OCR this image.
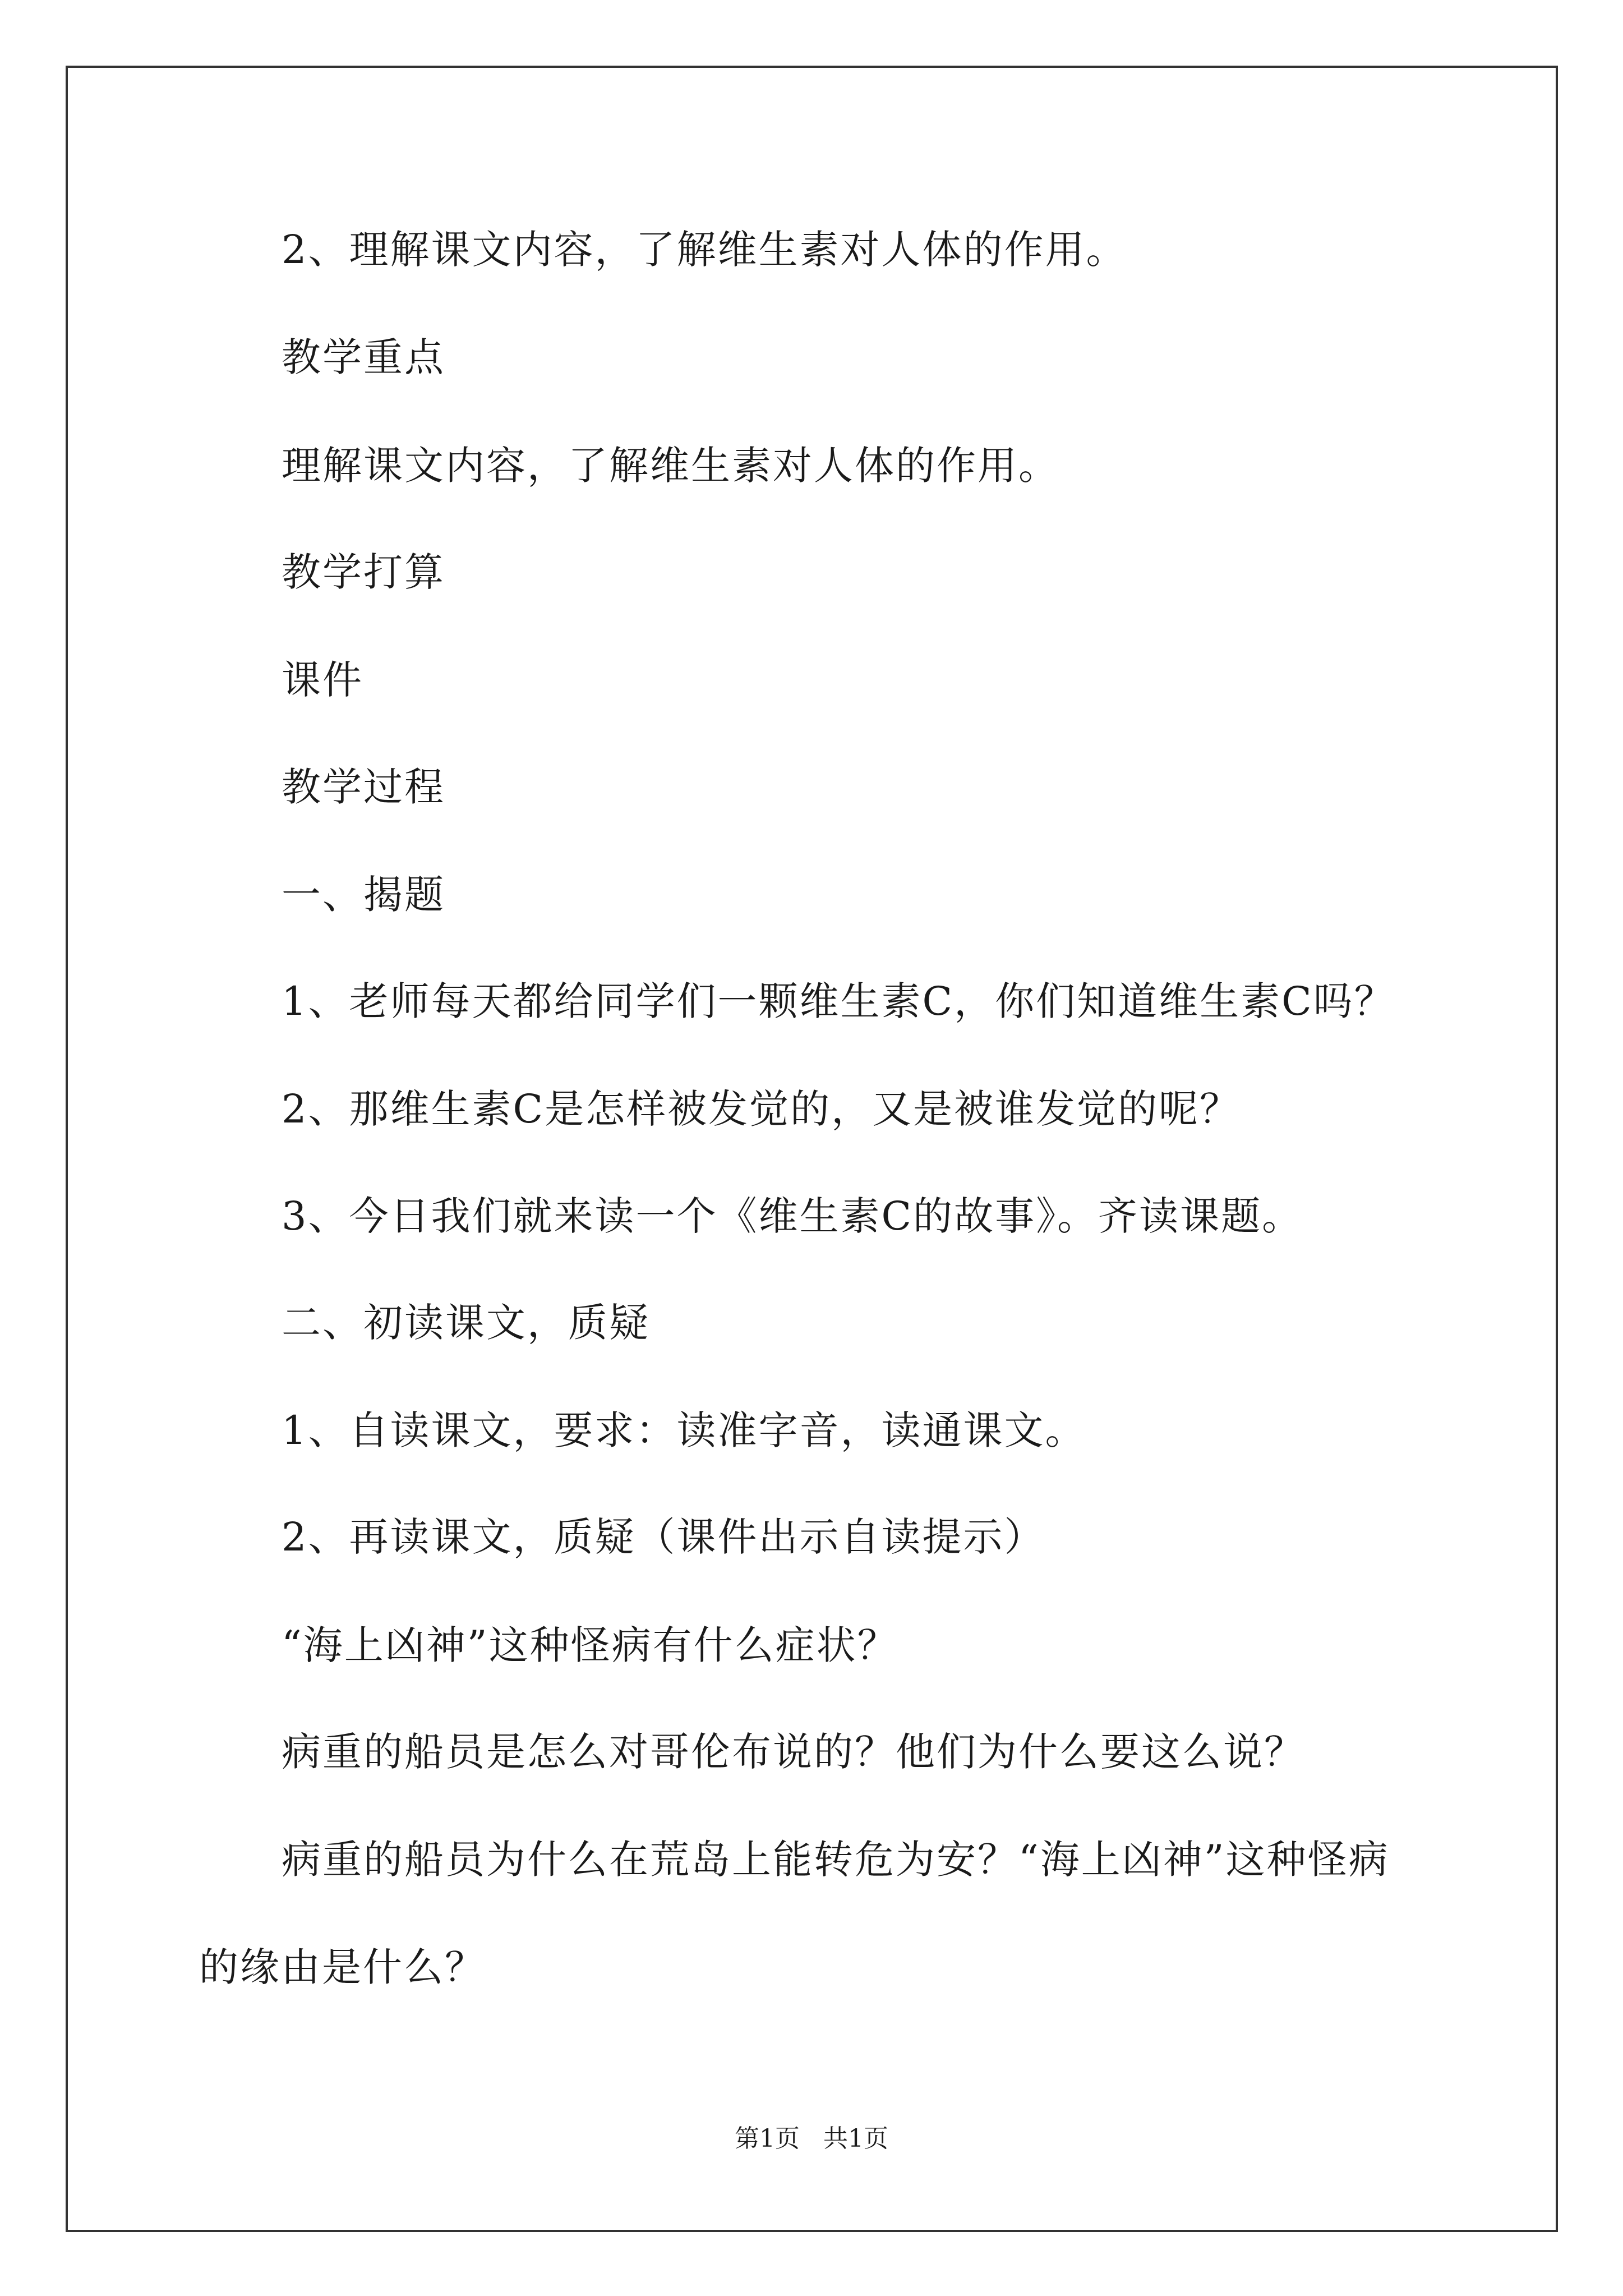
2、理解课文内容，了解维生素对人体的作用。

教学重点

理解课文内容，了解维生素对人体的作用。

教学打算

课件

教学过程

一、揭题

1、老师每天都给同学们一颗维生素C，你们知道维生素C吗？

2、那维生素C是怎样被发觉的，又是被谁发觉的呢？

3、今日我们就来读一个《维生素C的故事》。齐读课题。

二、初读课文，质疑

1、自读课文，要求：读准字音，读通课文。

2、再读课文，质疑（课件出示自读提示）

“海上凶神”这种怪病有什么症状？

病重的船员是怎么对哥伦布说的？他们为什么要这么说？

病重的船员为什么在荒岛上能转危为安？“海上凶神”这种怪病

的缘由是什么？

第1页   共1页
